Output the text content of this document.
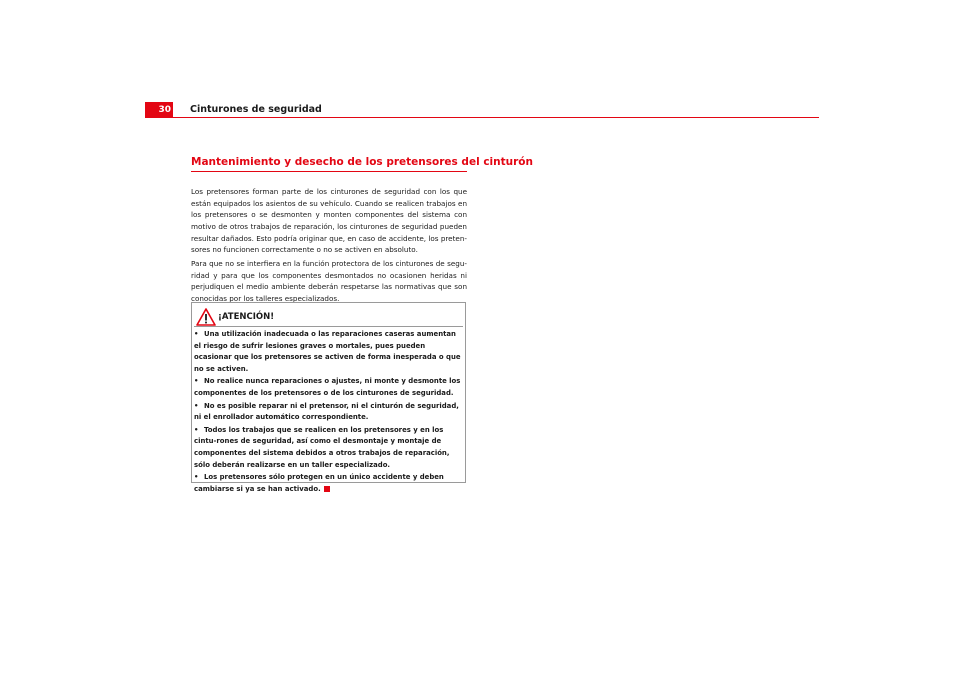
30 Cinturones de seguridad
Mantenimiento y desecho de los pretensores del cinturón

Los pretensores forman parte de los cinturones de seguridad con los que están equipados los asientos de su vehículo. Cuando se realicen trabajos en los pretensores o se desmonten y monten componentes del sistema con motivo de otros trabajos de reparación, los cinturones de seguridad pueden resultar dañados. Esto podría originar que, en caso de accidente, los preten-sores no funcionen correctamente o no se activen en absoluto.

Para que no se interfiera en la función protectora de los cinturones de segu-ridad y para que los componentes desmontados no ocasionen heridas ni perjudiquen el medio ambiente deberán respetarse las normativas que son conocidas por los talleres especializados.

¡ATENCIÓN!
• Una utilización inadecuada o las reparaciones caseras aumentan el riesgo de sufrir lesiones graves o mortales, pues pueden ocasionar que los pretensores se activen de forma inesperada o que no se activen.
• No realice nunca reparaciones o ajustes, ni monte y desmonte los componentes de los pretensores o de los cinturones de seguridad.
• No es posible reparar ni el pretensor, ni el cinturón de seguridad, ni el enrollador automático correspondiente.
• Todos los trabajos que se realicen en los pretensores y en los cintu-rones de seguridad, así como el desmontaje y montaje de componentes del sistema debidos a otros trabajos de reparación, sólo deberán realizarse en un taller especializado.
• Los pretensores sólo protegen en un único accidente y deben cambiarse si ya se han activado.
